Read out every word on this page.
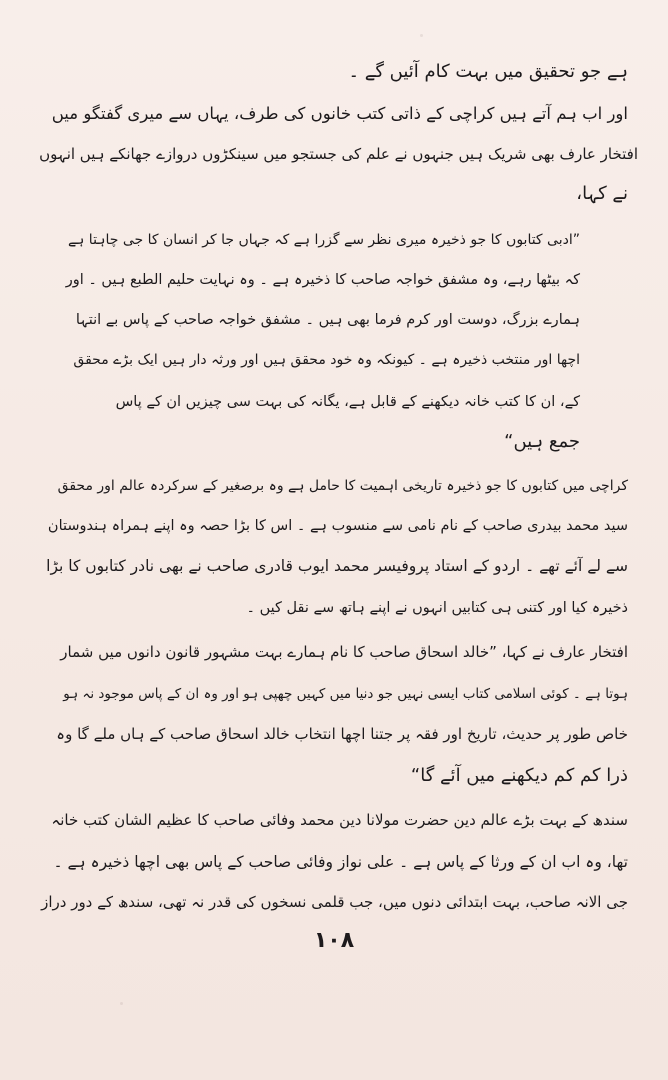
ہے جو تحقیق میں بہت کام آئیں گے ۔
اور اب ہم آتے ہیں کراچی کے ذاتی کتب خانوں کی طرف، یہاں سے میری گفتگو میں
افتخار عارف بھی شریک ہیں جنہوں نے علم کی جستجو میں سینکڑوں دروازے جھانکے ہیں انہوں
نے کہا،
”ادبی کتابوں کا جو ذخیرہ میری نظر سے گزرا ہے کہ جہاں جا کر انسان کا جی چاہتا ہے
کہ بیٹھا رہے، وہ مشفق خواجہ صاحب کا ذخیرہ ہے ۔ وہ نہایت حلیم الطبع ہیں ۔ اور
ہمارے بزرگ، دوست اور کرم فرما بھی ہیں ۔ مشفق خواجہ صاحب کے پاس بے انتہا
اچھا اور منتخب ذخیرہ ہے ۔ کیونکہ وہ خود محقق ہیں اور ورثہ دار ہیں ایک بڑے محقق
کے، ان کا کتب خانہ دیکھنے کے قابل ہے، یگانہ کی بہت سی چیزیں ان کے پاس
جمع ہیں“
کراچی میں کتابوں کا جو ذخیرہ تاریخی اہمیت کا حامل ہے وہ برصغیر کے سرکردہ عالم اور محقق
سید محمد بیدری صاحب کے نام نامی سے منسوب ہے ۔ اس کا بڑا حصہ وہ اپنے ہمراہ ہندوستان
سے لے آئے تھے ۔ اردو کے استاد پروفیسر محمد ایوب قادری صاحب نے بھی نادر کتابوں کا بڑا
ذخیرہ کیا اور کتنی ہی کتابیں انہوں نے اپنے ہاتھ سے نقل کیں ۔
افتخار عارف نے کہا، ”خالد اسحاق صاحب کا نام ہمارے بہت مشہور قانون دانوں میں شمار
ہوتا ہے ۔ کوئی اسلامی کتاب ایسی نہیں جو دنیا میں کہیں چھپی ہو اور وہ ان کے پاس موجود نہ ہو
خاص طور پر حدیث، تاریخ اور فقہ پر جتنا اچھا انتخاب خالد اسحاق صاحب کے ہاں ملے گا وہ
ذرا کم کم دیکھنے میں آئے گا“
سندھ کے بہت بڑے عالم دین حضرت مولانا دین محمد وفائی صاحب کا عظیم الشان کتب خانہ
تھا، وہ اب ان کے ورثا کے پاس ہے ۔ علی نواز وفائی صاحب کے پاس بھی اچھا ذخیرہ ہے ۔
جی الانہ صاحب، بہت ابتدائی دنوں میں، جب قلمی نسخوں کی قدر نہ تھی، سندھ کے دور دراز
۱۰۸
